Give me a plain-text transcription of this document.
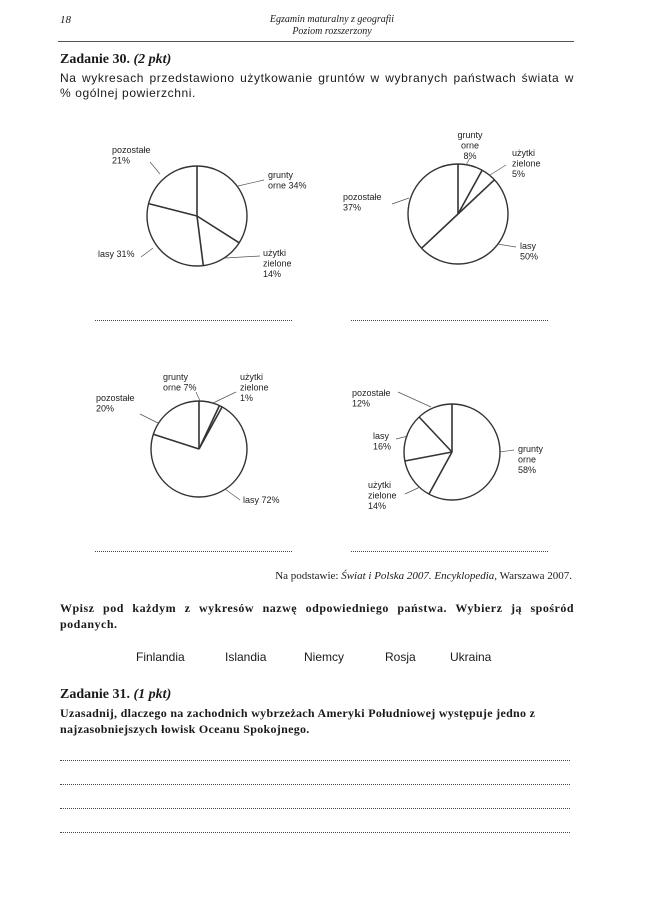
18	Egzamin maturalny z geografii
Poziom rozszerzony
Zadanie 30. (2 pkt)
Na wykresach przedstawiono użytkowanie gruntów w wybranych państwach świata w % ogólnej powierzchni.
grunty orne 34%
użytki zielone 14%
lasy 31%
pozostałe 21%
grunty orne 8%	użytki zielone 5%
lasy 50%
pozostałe 37%
grunty orne 7%
użytki zielone 1%
lasy 72%
pozostałe 20%
grunty orne 58%
użytki zielone 14%
lasy 16%
pozostałe 12%
Na podstawie: Świat i Polska 2007. Encyklopedia, Warszawa 2007.
Wpisz pod każdym z wykresów nazwę odpowiedniego państwa. Wybierz ją spośród podanych.
Finlandia	Islandia	Niemcy	Rosja	Ukraina
Zadanie 31. (1 pkt)
Uzasadnij, dlaczego na zachodnich wybrzeżach Ameryki Południowej występuje jedno z najzasobniejszych łowisk Oceanu Spokojnego.
